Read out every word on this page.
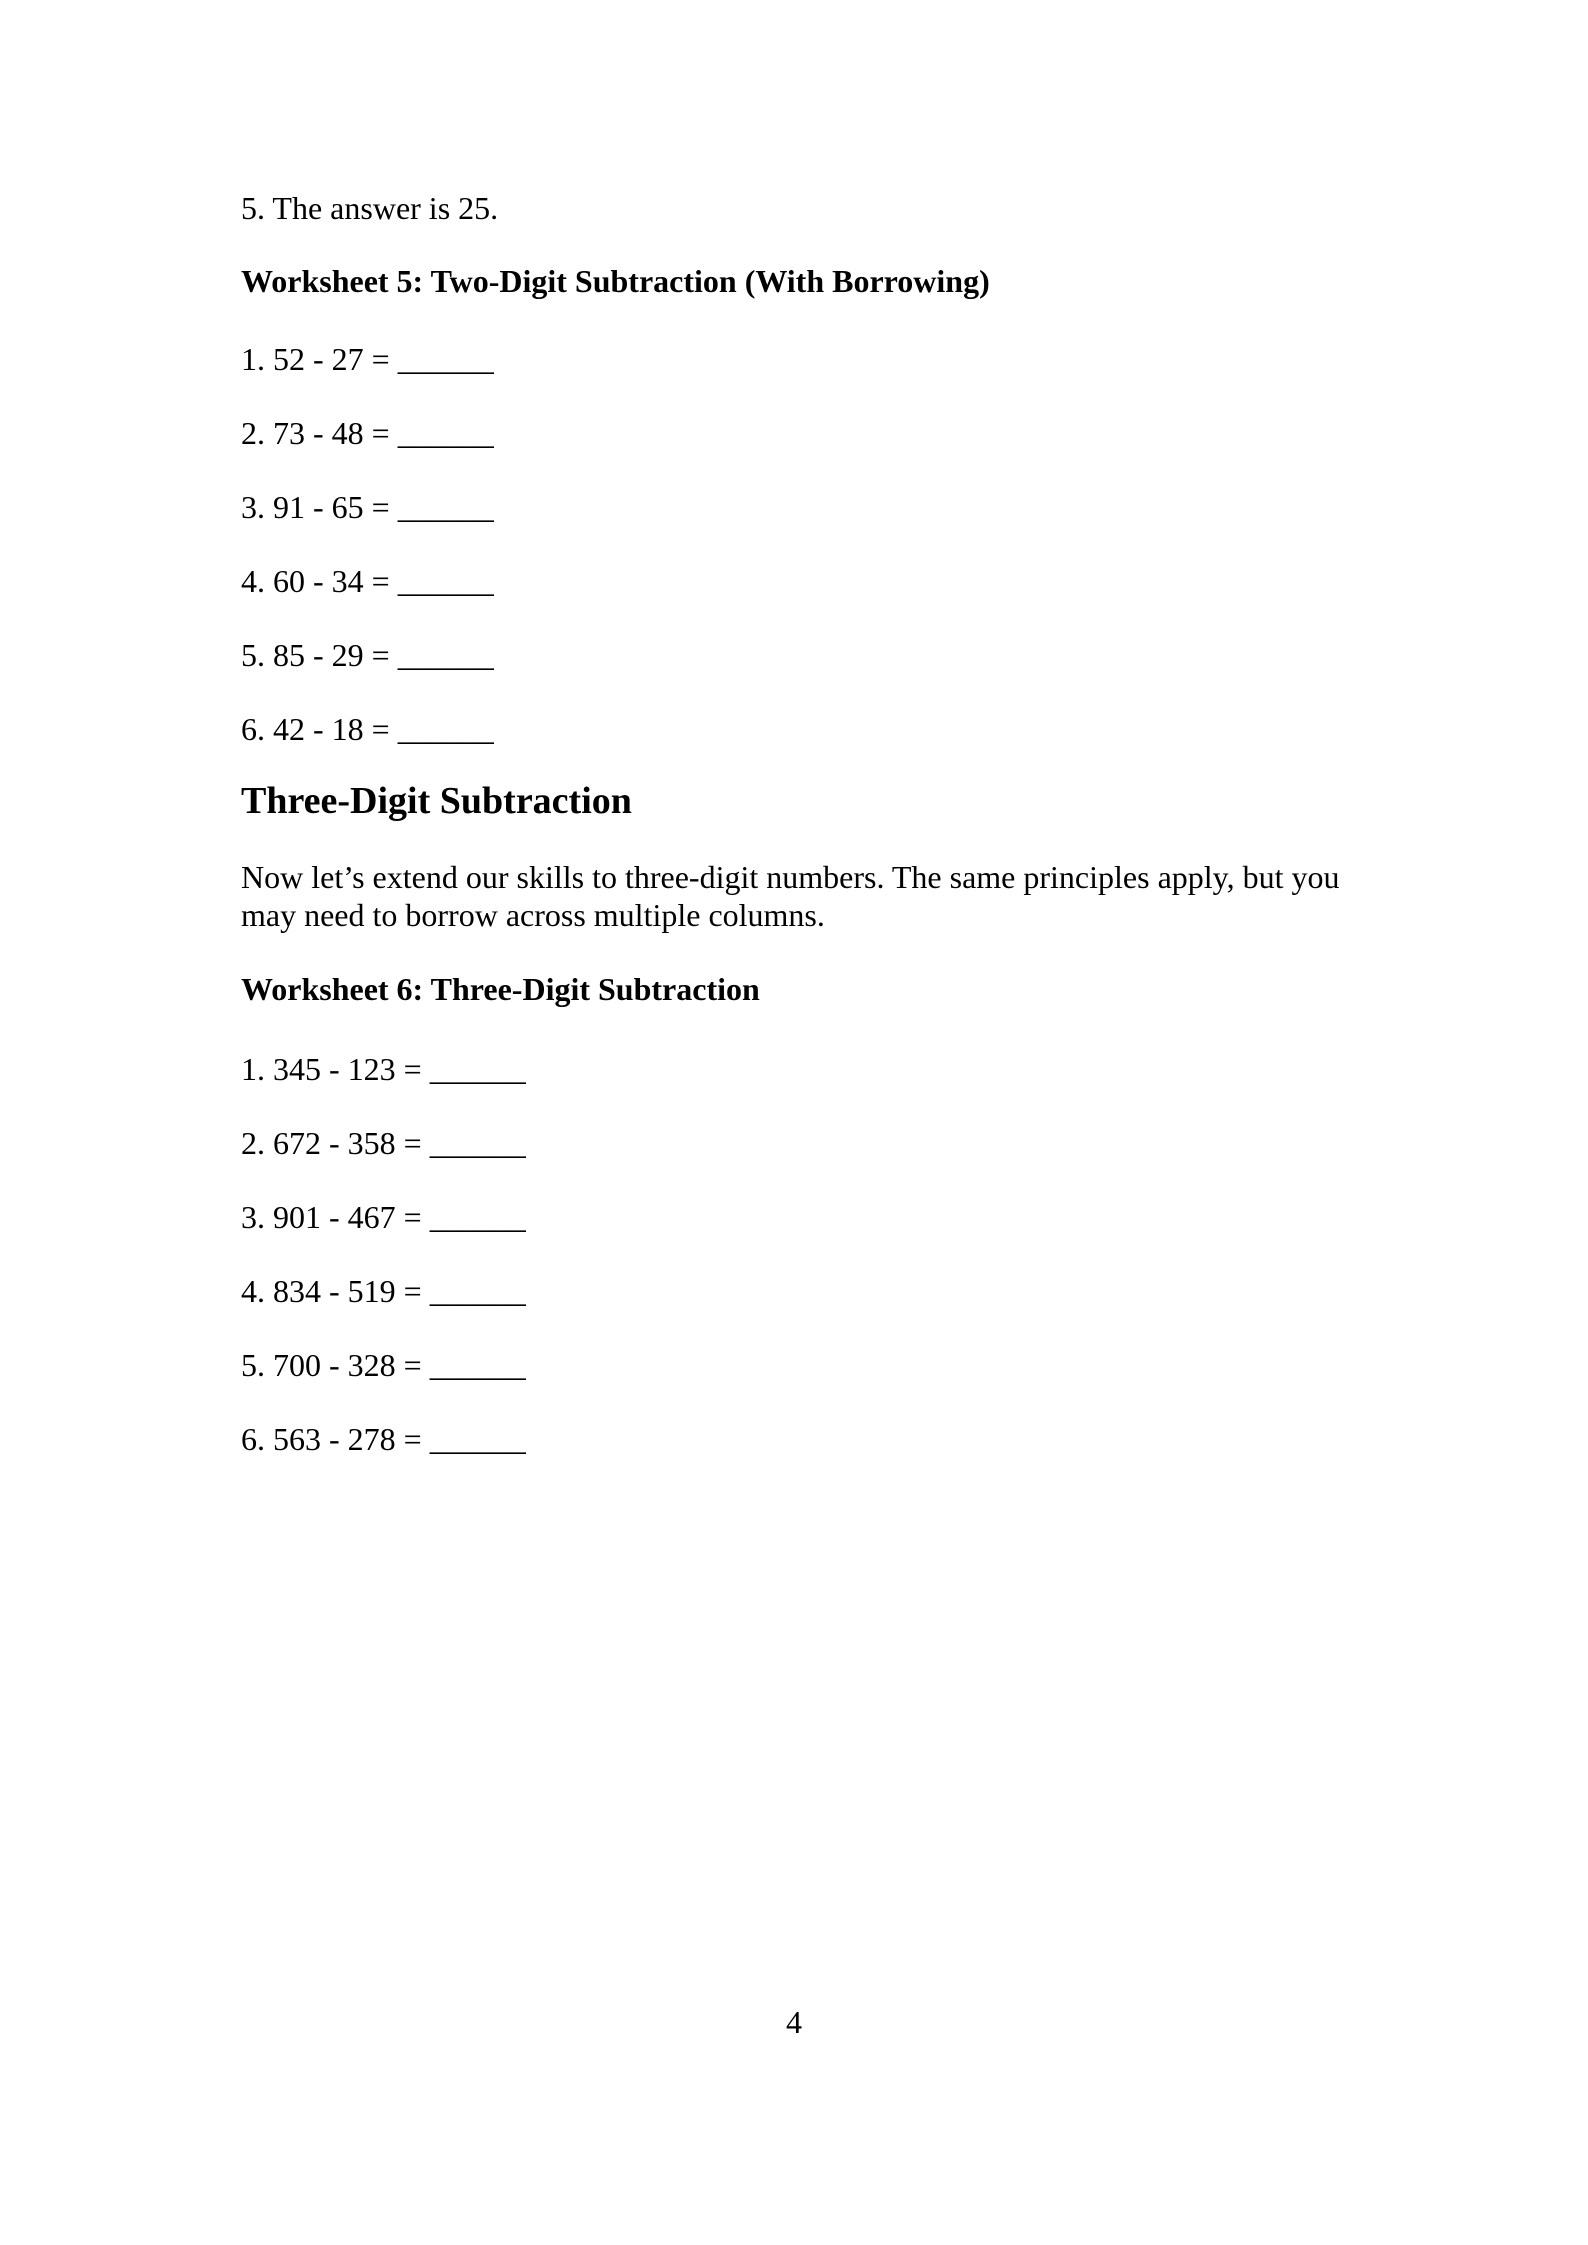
5. The answer is 25.

Worksheet 5: Two-Digit Subtraction (With Borrowing)

1. 52 - 27 = ______
2. 73 - 48 = ______
3. 91 - 65 = ______
4. 60 - 34 = ______
5. 85 - 29 = ______
6. 42 - 18 = ______
Three-Digit Subtraction

Now let’s extend our skills to three-digit numbers. The same principles apply, but you may need to borrow across multiple columns.

Worksheet 6: Three-Digit Subtraction

1. 345 - 123 = ______
2. 672 - 358 = ______
3. 901 - 467 = ______
4. 834 - 519 = ______
5. 700 - 328 = ______
6. 563 - 278 = ______
4
